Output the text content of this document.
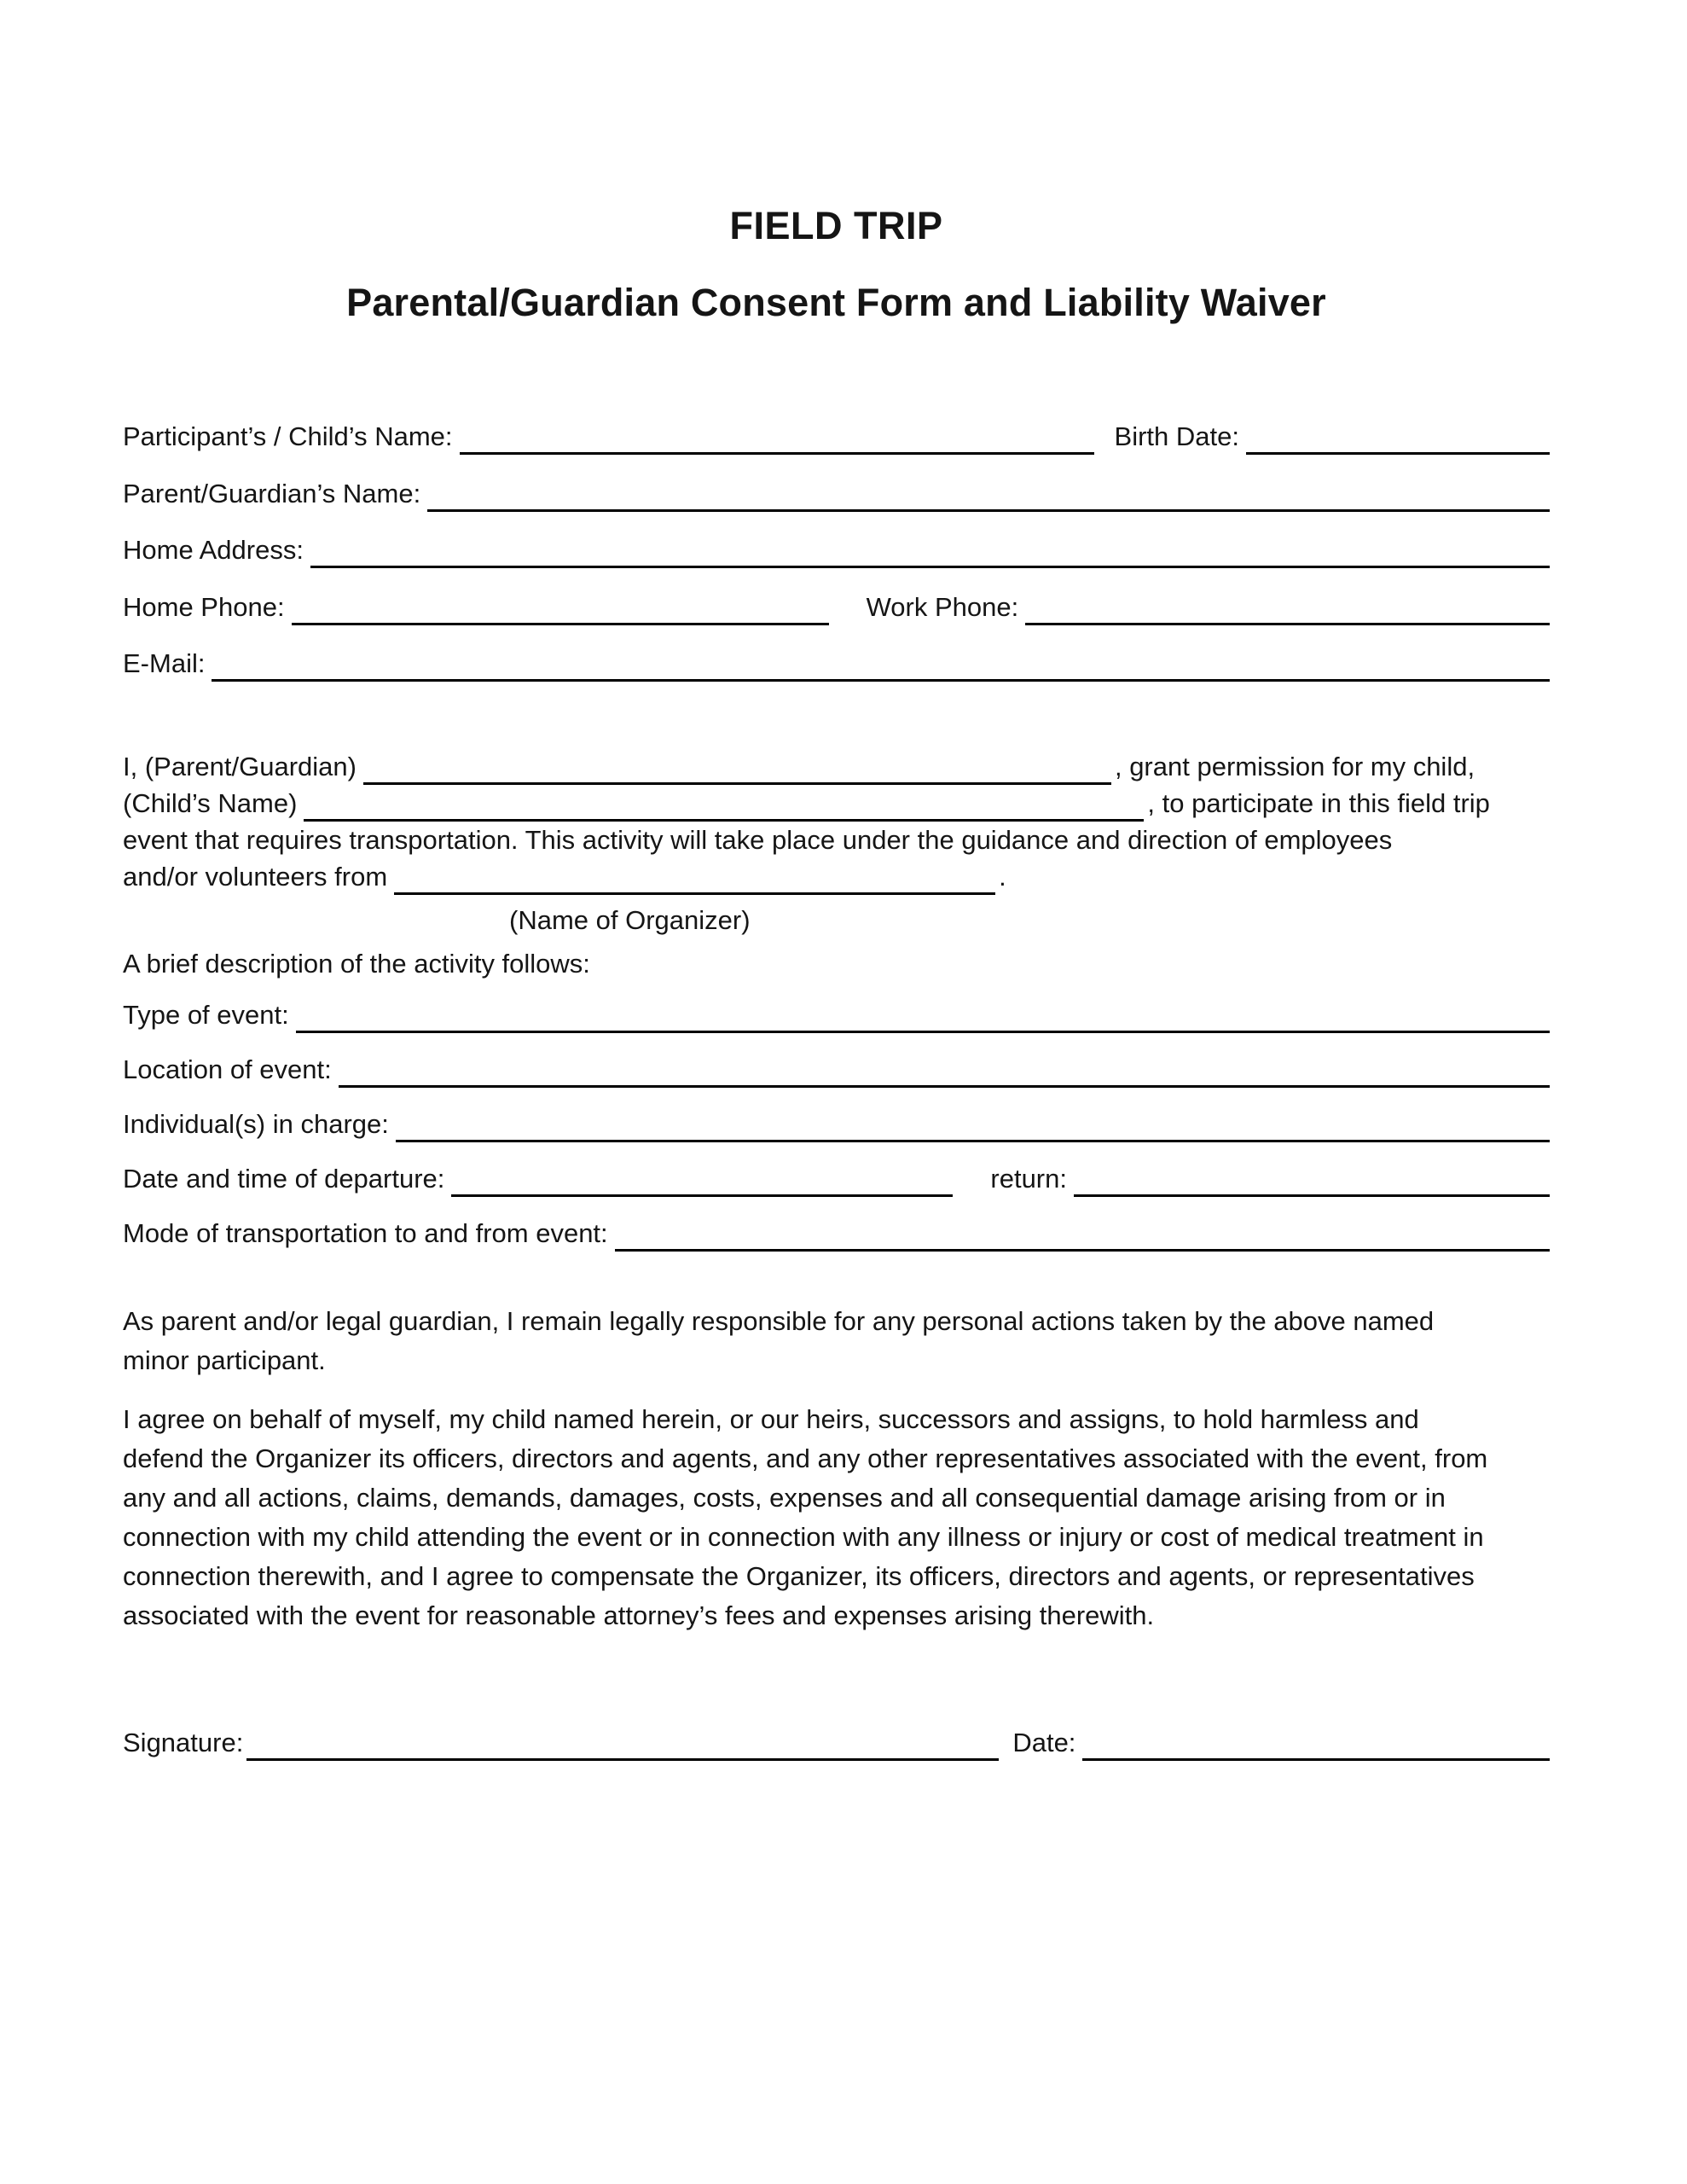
FIELD TRIP
Parental/Guardian Consent Form and Liability Waiver
Participant’s / Child’s Name:	Birth Date:
Parent/Guardian’s Name:
Home Address:
Home Phone:	Work Phone:
E-Mail:
I, (Parent/Guardian)	, grant permission for my child,
(Child’s Name)	, to participate in this field trip
event that requires transportation. This activity will take place under the guidance and direction of employees
and/or volunteers from	.
(Name of Organizer)
A brief description of the activity follows:
Type of event:
Location of event:
Individual(s) in charge:
Date and time of departure:	return:
Mode of transportation to and from event:
As parent and/or legal guardian, I remain legally responsible for any personal actions taken by the above named
minor participant.
I agree on behalf of myself, my child named herein, or our heirs, successors and assigns, to hold harmless and
defend the Organizer its officers, directors and agents, and any other representatives associated with the event, from
any and all actions, claims, demands, damages, costs, expenses and all consequential damage arising from or in
connection with my child attending the event or in connection with any illness or injury or cost of medical treatment in
connection therewith, and I agree to compensate the Organizer, its officers, directors and agents, or representatives
associated with the event for reasonable attorney’s fees and expenses arising therewith.
Signature:	Date:
